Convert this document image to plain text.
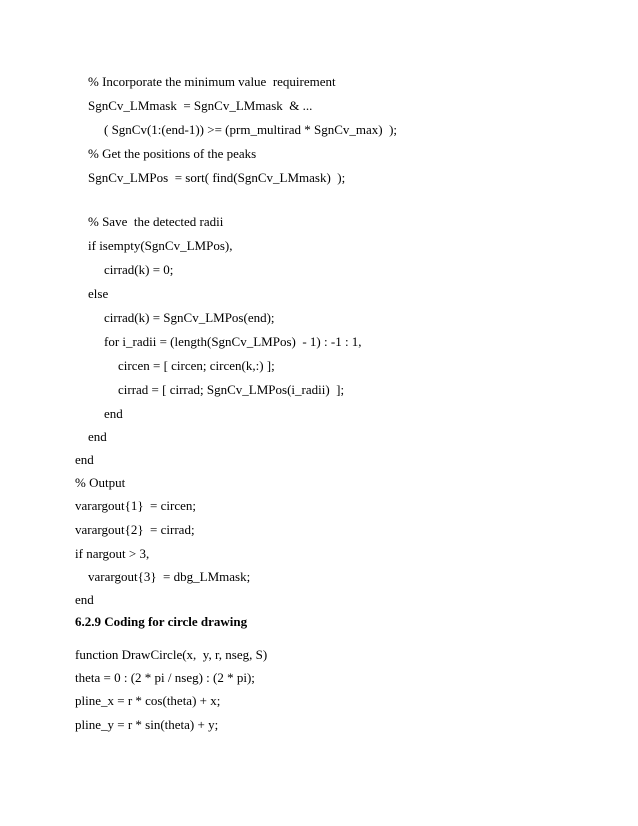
% Incorporate the minimum value  requirement
SgnCv_LMmask  = SgnCv_LMmask  & ...
( SgnCv(1:(end-1)) >= (prm_multirad * SgnCv_max)  );
% Get the positions of the peaks
SgnCv_LMPos  = sort( find(SgnCv_LMmask)  );
% Save  the detected radii
if isempty(SgnCv_LMPos),
cirrad(k) = 0;
else
cirrad(k) = SgnCv_LMPos(end);
for i_radii = (length(SgnCv_LMPos)  - 1) : -1 : 1,
circen = [ circen; circen(k,:) ];
cirrad = [ cirrad; SgnCv_LMPos(i_radii)  ];
end
end
end
% Output
varargout{1}  = circen;
varargout{2}  = cirrad;
if nargout > 3,
varargout{3}  = dbg_LMmask;
end
6.2.9 Coding for circle drawing
function DrawCircle(x,  y, r, nseg, S)
theta = 0 : (2 * pi / nseg) : (2 * pi);
pline_x = r * cos(theta) + x;
pline_y = r * sin(theta) + y;
